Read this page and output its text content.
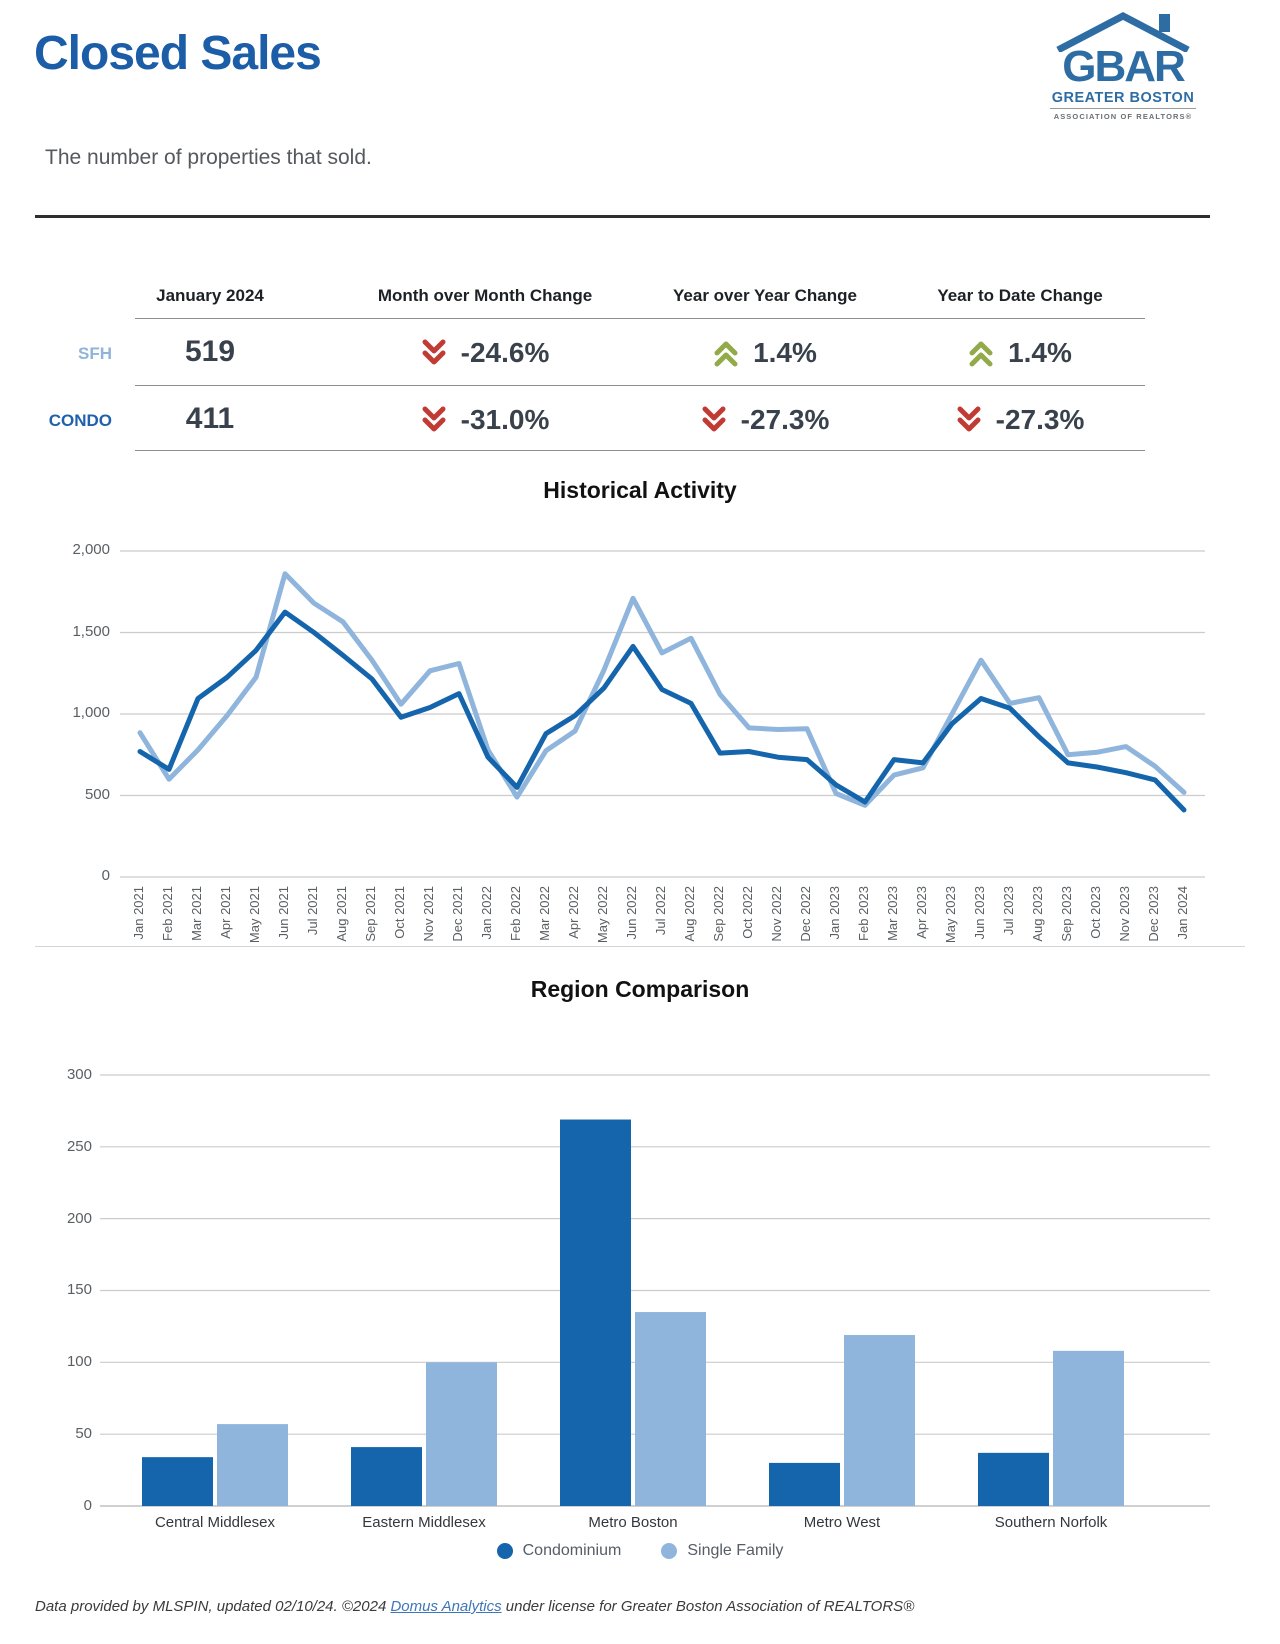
Closed Sales	GBAR
GREATER BOSTON
ASSOCIATION OF REALTORS®
The number of properties that sold.
January 2024	Month over Month Change	Year over Year Change	Year to Date Change
SFH	519	-24.6%	1.4%	1.4%
CONDO	411	-31.0%	-27.3%	-27.3%
Historical Activity
0
500
1,000
1,500
2,000
Jan 2021 Feb 2021 Mar 2021 Apr 2021 May 2021 Jun 2021 Jul 2021 Aug 2021 Sep 2021 Oct 2021 Nov 2021 Dec 2021 Jan 2022 Feb 2022 Mar 2022 Apr 2022 May 2022 Jun 2022 Jul 2022 Aug 2022 Sep 2022 Oct 2022 Nov 2022 Dec 2022 Jan 2023 Feb 2023 Mar 2023 Apr 2023 May 2023 Jun 2023 Jul 2023 Aug 2023 Sep 2023 Oct 2023 Nov 2023 Dec 2023 Jan 2024
Region Comparison
0
50
100
150
200
250
300
Central Middlesex	Eastern Middlesex	Metro Boston	Metro West	Southern Norfolk
Condominium	Single Family
Data provided by MLSPIN, updated 02/10/24. ©2024 Domus Analytics under license for Greater Boston Association of REALTORS®
